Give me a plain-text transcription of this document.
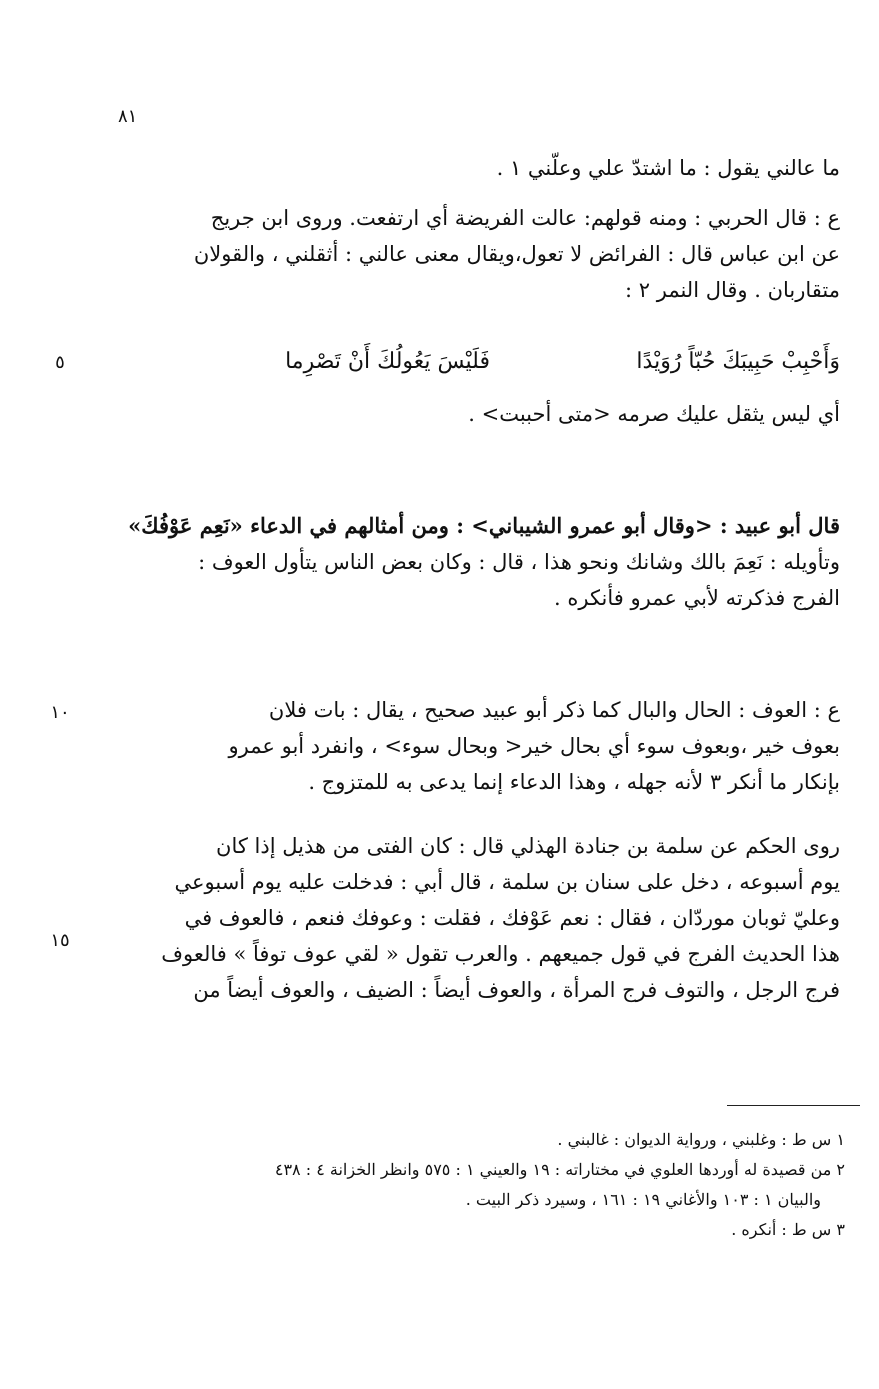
٨١
٥
١٠
١٥
ما عالني يقول : ما اشتدّ علي وعلّني ١ .
ع : قال الحربي : ومنه قولهم: عالت الفريضة أي ارتفعت. وروى ابن جريج
عن ابن عباس قال : الفرائض لا تعول،ويقال معنى عالني : أثقلني ، والقولان
متقاربان . وقال النمر ٢ :
وَأَحْبِبْ حَبِيبَكَ حُبّاً رُوَيْدًافَلَيْسَ يَعُولُكَ أَنْ تَصْرِما
أي ليس يثقل عليك صرمه <متى أحببت> .
قال أبو عبيد : <وقال أبو عمرو الشيباني> : ومن أمثالهم في الدعاء «نَعِم عَوْفُكَ»
وتأويله : نَعِمَ بالك وشانك ونحو هذا ، قال : وكان بعض الناس يتأول العوف :
الفرج فذكرته لأبي عمرو فأنكره .
ع : العوف : الحال والبال كما ذكر أبو عبيد صحيح ، يقال : بات فلان
بعوف خير ،وبعوف سوء أي بحال خير< وبحال سوء> ، وانفرد أبو عمرو
بإنكار ما أنكر ٣ لأنه جهله ، وهذا الدعاء إنما يدعى به للمتزوج .
روى الحكم عن سلمة بن جنادة الهذلي قال : كان الفتى من هذيل إذا كان
يوم أسبوعه ، دخل على سنان بن سلمة ، قال أبي : فدخلت عليه يوم أسبوعي
وعليّ ثوبان موردّان ، فقال : نعم عَوْفك ، فقلت : وعوفك فنعم ، فالعوف في
هذا الحديث الفرج في قول جميعهم . والعرب تقول « لقي عوف توفاً » فالعوف
فرج الرجل ، والتوف فرج المرأة ، والعوف أيضاً : الضيف ، والعوف أيضاً من
١ س ط : وغلبني ، ورواية الديوان : غالبني .
٢ من قصيدة له أوردها العلوي في مختاراته : ١٩ والعيني ١ : ٥٧٥ وانظر الخزانة ٤ : ٤٣٨
والبيان ١ : ١٠٣ والأغاني ١٩ : ١٦١ ، وسيرد ذكر البيت .
٣ س ط : أنكره .
